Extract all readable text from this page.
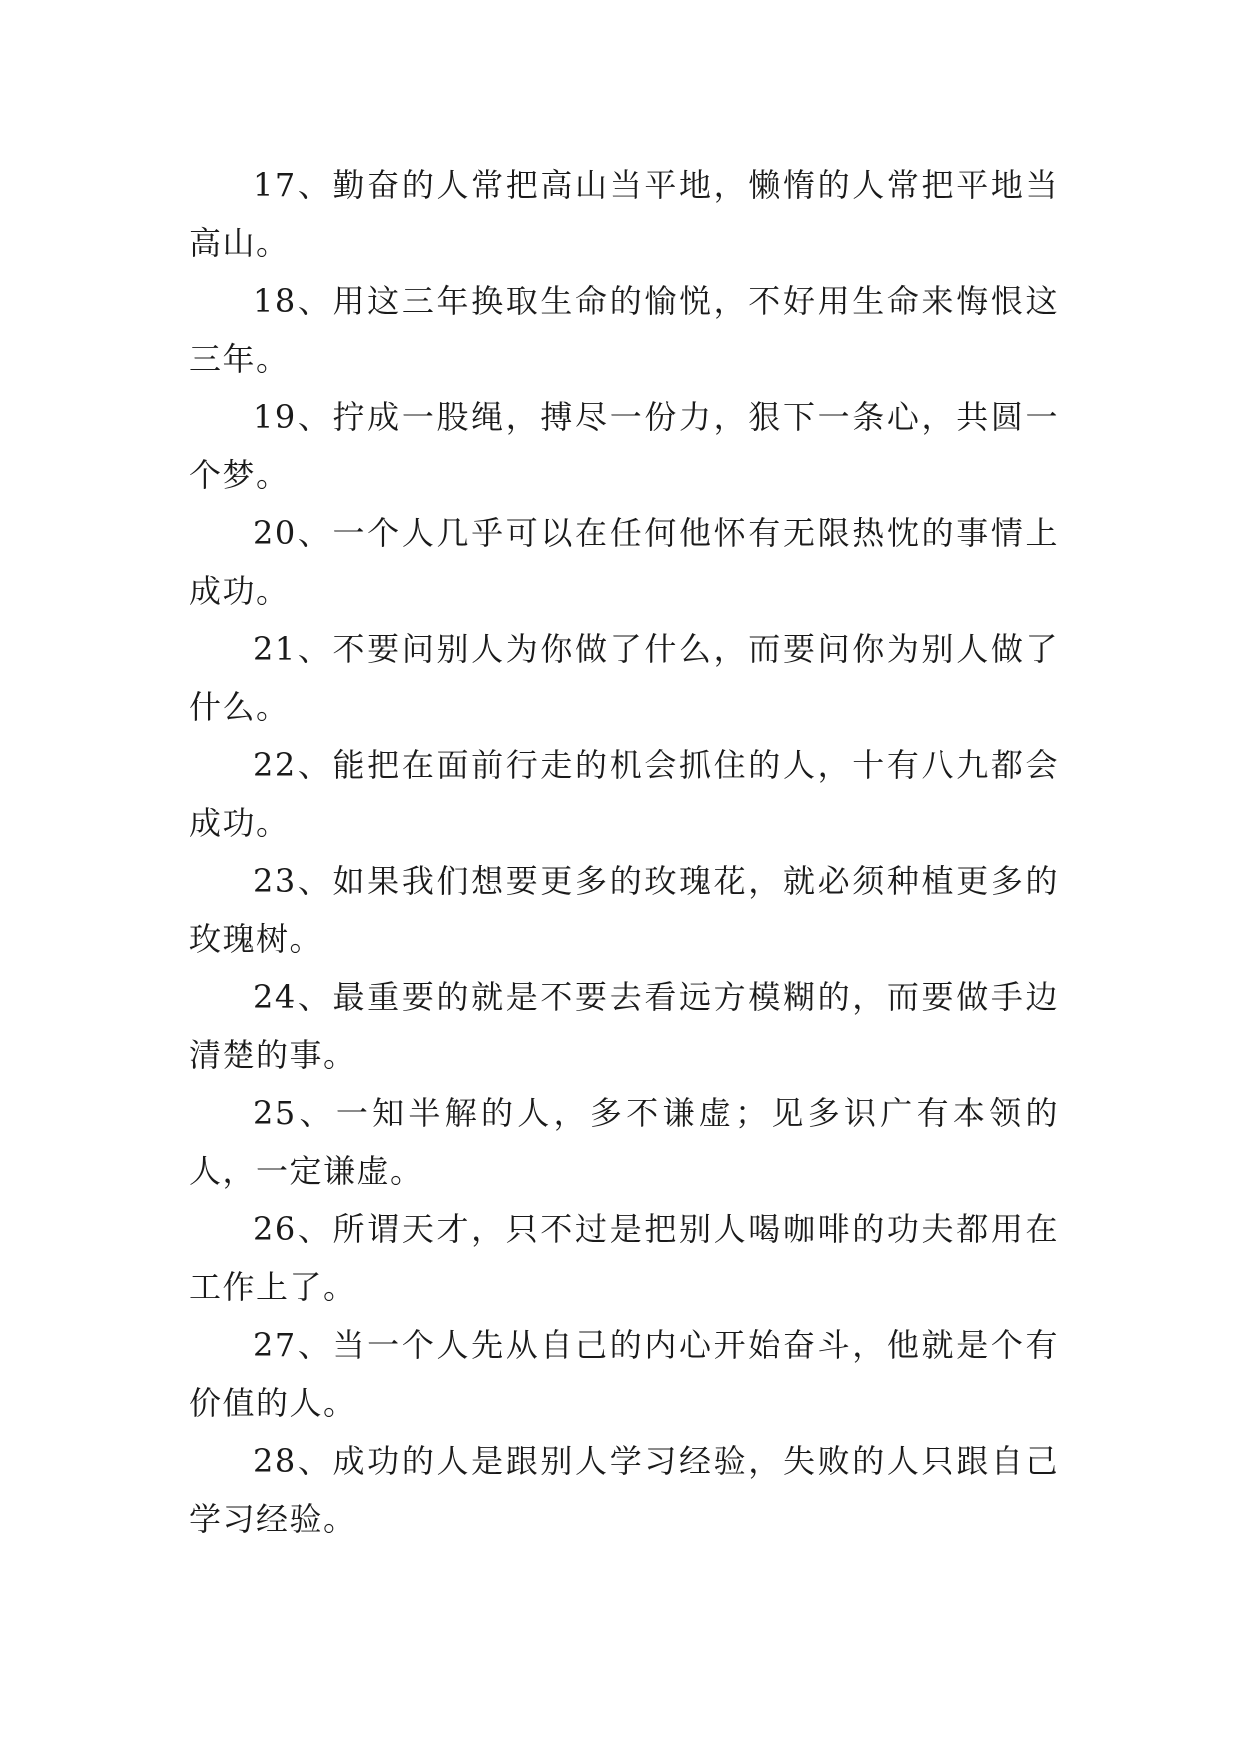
17、勤奋的人常把高山当平地，懒惰的人常把平地当高山。

18、用这三年换取生命的愉悦，不好用生命来悔恨这三年。

19、拧成一股绳，搏尽一份力，狠下一条心，共圆一个梦。

20、一个人几乎可以在任何他怀有无限热忱的事情上成功。

21、不要问别人为你做了什么，而要问你为别人做了什么。

22、能把在面前行走的机会抓住的人，十有八九都会成功。

23、如果我们想要更多的玫瑰花，就必须种植更多的玫瑰树。

24、最重要的就是不要去看远方模糊的，而要做手边清楚的事。

25、一知半解的人，多不谦虚；见多识广有本领的人，一定谦虚。

26、所谓天才，只不过是把别人喝咖啡的功夫都用在工作上了。

27、当一个人先从自己的内心开始奋斗，他就是个有价值的人。

28、成功的人是跟别人学习经验，失败的人只跟自己学习经验。
